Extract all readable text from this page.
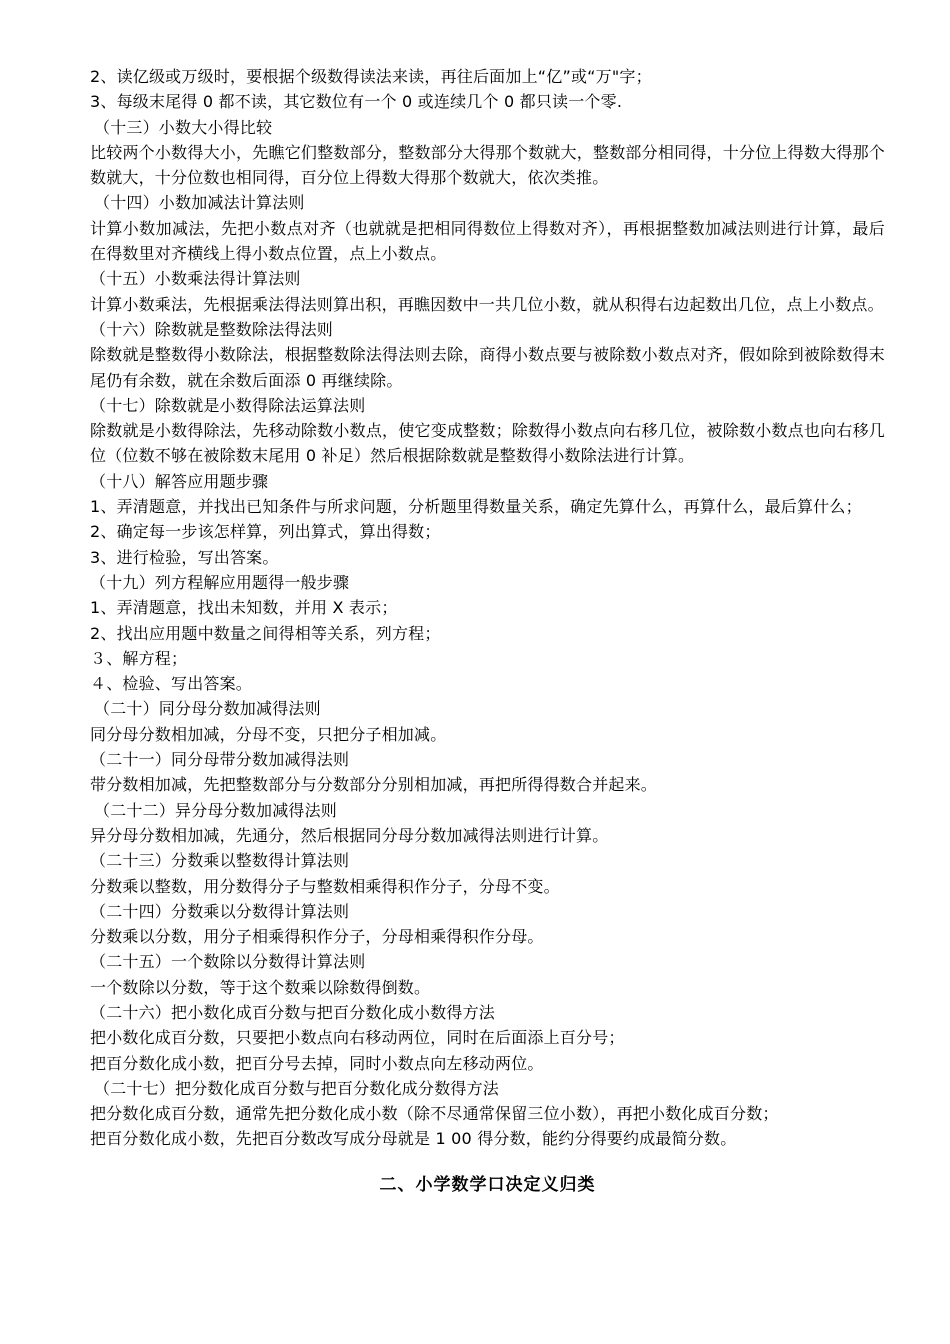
2、读亿级或万级时，要根据个级数得读法来读，再往后面加上“亿”或“万"字；
3、每级末尾得 0 都不读，其它数位有一个 0 或连续几个 0 都只读一个零.
（十三）小数大小得比较
比较两个小数得大小，先瞧它们整数部分，整数部分大得那个数就大，整数部分相同得，十分位上得数大得那个数就大，十分位数也相同得，百分位上得数大得那个数就大，依次类推。
（十四）小数加减法计算法则
计算小数加减法，先把小数点对齐（也就就是把相同得数位上得数对齐），再根据整数加减法则进行计算，最后在得数里对齐横线上得小数点位置，点上小数点。
（十五）小数乘法得计算法则
计算小数乘法，先根据乘法得法则算出积，再瞧因数中一共几位小数，就从积得右边起数出几位，点上小数点。
（十六）除数就是整数除法得法则
除数就是整数得小数除法，根据整数除法得法则去除，商得小数点要与被除数小数点对齐，假如除到被除数得末尾仍有余数，就在余数后面添 0 再继续除。
（十七）除数就是小数得除法运算法则
除数就是小数得除法，先移动除数小数点，使它变成整数；除数得小数点向右移几位，被除数小数点也向右移几位（位数不够在被除数末尾用 0 补足）然后根据除数就是整数得小数除法进行计算。
（十八）解答应用题步骤
1、弄清题意，并找出已知条件与所求问题，分析题里得数量关系，确定先算什么，再算什么，最后算什么；
2、确定每一步该怎样算，列出算式，算出得数；
3、进行检验，写出答案。
（十九）列方程解应用题得一般步骤
1、弄清题意，找出未知数，并用 X 表示；
2、找出应用题中数量之间得相等关系，列方程；
３、解方程；
４、检验、写出答案。
（二十）同分母分数加减得法则
同分母分数相加减，分母不变，只把分子相加减。
（二十一）同分母带分数加减得法则
带分数相加减，先把整数部分与分数部分分别相加减，再把所得得数合并起来。
（二十二）异分母分数加减得法则
异分母分数相加减，先通分，然后根据同分母分数加减得法则进行计算。
（二十三）分数乘以整数得计算法则
分数乘以整数，用分数得分子与整数相乘得积作分子，分母不变。
（二十四）分数乘以分数得计算法则
分数乘以分数，用分子相乘得积作分子，分母相乘得积作分母。
（二十五）一个数除以分数得计算法则
一个数除以分数，等于这个数乘以除数得倒数。
（二十六）把小数化成百分数与把百分数化成小数得方法
把小数化成百分数，只要把小数点向右移动两位，同时在后面添上百分号；
把百分数化成小数，把百分号去掉，同时小数点向左移动两位。
（二十七）把分数化成百分数与把百分数化成分数得方法
把分数化成百分数，通常先把分数化成小数（除不尽通常保留三位小数），再把小数化成百分数；
把百分数化成小数，先把百分数改写成分母就是 1 00 得分数，能约分得要约成最简分数。
二、小学数学口决定义归类
